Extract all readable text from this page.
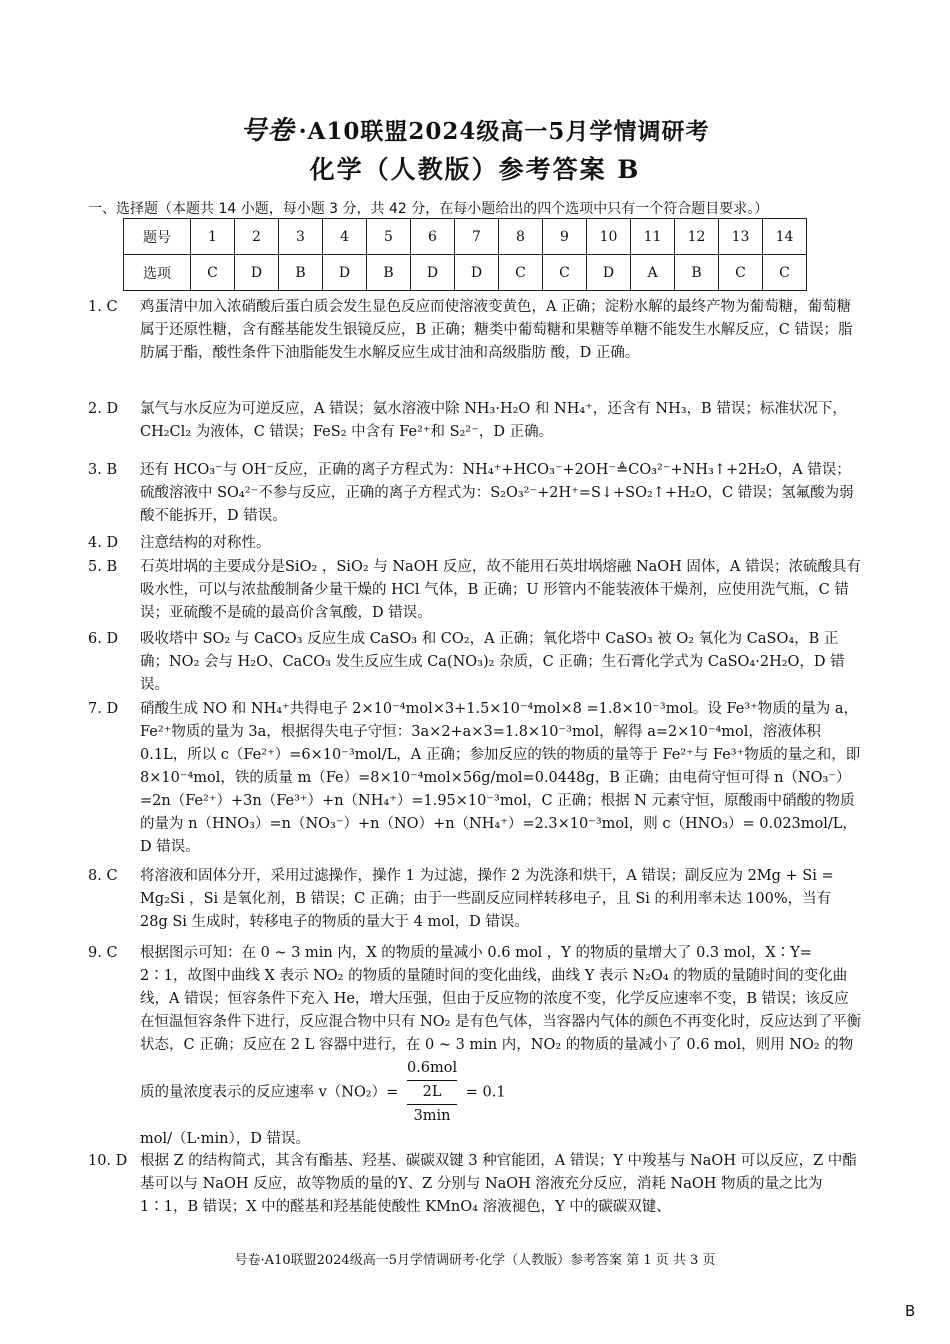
号卷 ·A10联盟2024级高一5月学情调研考
化学（人教版）参考答案 B
一、选择题（本题共 14 小题，每小题 3 分，共 42 分，在每小题给出的四个选项中只有一个符合题目要求。）
题号	1	2	3	4	5	6	7	8	9	10	11	12	13	14
选项	C	D	B	D	B	D	D	C	C	D	A	B	C	C
1. C	鸡蛋清中加入浓硝酸后蛋白质会发生显色反应而使溶液变黄色，A 正确；淀粉水解的最终产物为葡萄糖，葡萄糖属于还原性糖，含有醛基能发生银镜反应，B 正确；糖类中葡萄糖和果糖等单糖不能发生水解反应，C 错误；脂肪属于酯，酸性条件下油脂能发生水解反应生成甘油和高级脂肪 酸，D 正确。
2. D	氯气与水反应为可逆反应，A 错误；氨水溶液中除 NH₃·H₂O 和 NH₄⁺，还含有 NH₃，B 错误；标准状况下，CH₂Cl₂ 为液体，C 错误；FeS₂ 中含有 Fe²⁺和 S₂²⁻，D 正确。
3. B	还有 HCO₃⁻与 OH⁻反应，正确的离子方程式为：NH₄⁺+HCO₃⁻+2OH⁻≜CO₃²⁻+NH₃↑+2H₂O，A 错误；硫酸溶液中 SO₄²⁻不参与反应，正确的离子方程式为：S₂O₃²⁻+2H⁺=S↓+SO₂↑+H₂O，C 错误；氢氟酸为弱酸不能拆开，D 错误。
4. D	注意结构的对称性。
5. B	石英坩埚的主要成分是SiO₂ ，SiO₂ 与 NaOH 反应，故不能用石英坩埚熔融 NaOH 固体，A 错误；浓硫酸具有吸水性，可以与浓盐酸制备少量干燥的 HCl 气体，B 正确；U 形管内不能装液体干燥剂，应使用洗气瓶，C 错误；亚硫酸不是硫的最高价含氧酸，D 错误。
6. D	吸收塔中 SO₂ 与 CaCO₃ 反应生成 CaSO₃ 和 CO₂，A 正确；氧化塔中 CaSO₃ 被 O₂ 氧化为 CaSO₄，B 正确；NO₂ 会与 H₂O、CaCO₃ 发生反应生成 Ca(NO₃)₂ 杂质，C 正确；生石膏化学式为 CaSO₄·2H₂O，D 错误。
7. D	硝酸生成 NO 和 NH₄⁺共得电子 2×10⁻⁴mol×3+1.5×10⁻⁴mol×8 =1.8×10⁻³mol。设 Fe³⁺物质的量为 a，Fe²⁺物质的量为 3a，根据得失电子守恒：3a×2+a×3=1.8×10⁻³mol，解得 a=2×10⁻⁴mol，溶液体积 0.1L，所以 c（Fe²⁺）=6×10⁻³mol/L，A 正确；参加反应的铁的物质的量等于 Fe²⁺与 Fe³⁺物质的量之和，即 8×10⁻⁴mol，铁的质量 m（Fe）=8×10⁻⁴mol×56g/mol=0.0448g，B 正确；由电荷守恒可得 n（NO₃⁻）=2n（Fe²⁺）+3n（Fe³⁺）+n（NH₄⁺）=1.95×10⁻³mol，C 正确；根据 N 元素守恒，原酸雨中硝酸的物质的量为 n（HNO₃）=n（NO₃⁻）+n（NO）+n（NH₄⁺）=2.3×10⁻³mol，则 c（HNO₃）= 0.023mol/L，D 错误。
8. C	将溶液和固体分开，采用过滤操作，操作 1 为过滤，操作 2 为洗涤和烘干，A 错误；副反应为 2Mg + Si = Mg₂Si ，Si 是氧化剂，B 错误；C 正确；由于一些副反应同样转移电子，且 Si 的利用率未达 100%，当有 28g Si 生成时，转移电子的物质的量大于 4 mol，D 错误。
9. C	根据图示可知：在 0 ~ 3 min 内，X 的物质的量减小 0.6 mol ，Y 的物质的量增大了 0.3 mol，X∶Y= 2∶1，故图中曲线 X 表示 NO₂ 的物质的量随时间的变化曲线，曲线 Y 表示 N₂O₄ 的物质的量随时间的变化曲线，A 错误；恒容条件下充入 He，增大压强，但由于反应物的浓度不变，化学反应速率不变，B 错误；该反应在恒温恒容条件下进行，反应混合物中只有 NO₂ 是有色气体，当容器内气体的颜色不再变化时，反应达到了平衡状态，C 正确；反应在 2 L 容器中进行，在 0 ~ 3 min 内，NO₂ 的物质的量减小了 0.6 mol，则用 NO₂ 的物质的量浓度表示的反应速率 v（NO₂）=
0.6mol
2L
3min
= 0.1
mol/（L·min），D 错误。
10. D 根据 Z 的结构简式，其含有酯基、羟基、碳碳双键 3 种官能团，A 错误；Y 中羧基与 NaOH 可以反应，Z 中酯基可以与 NaOH 反应，故等物质的量的Y、Z 分别与 NaOH 溶液充分反应，消耗 NaOH 物质的量之比为 1∶1，B 错误；X 中的醛基和羟基能使酸性 KMnO₄ 溶液褪色，Y 中的碳碳双键、
号卷·A10联盟2024级高一5月学情调研考·化学（人教版）参考答案 第 1 页 共 3 页
B
